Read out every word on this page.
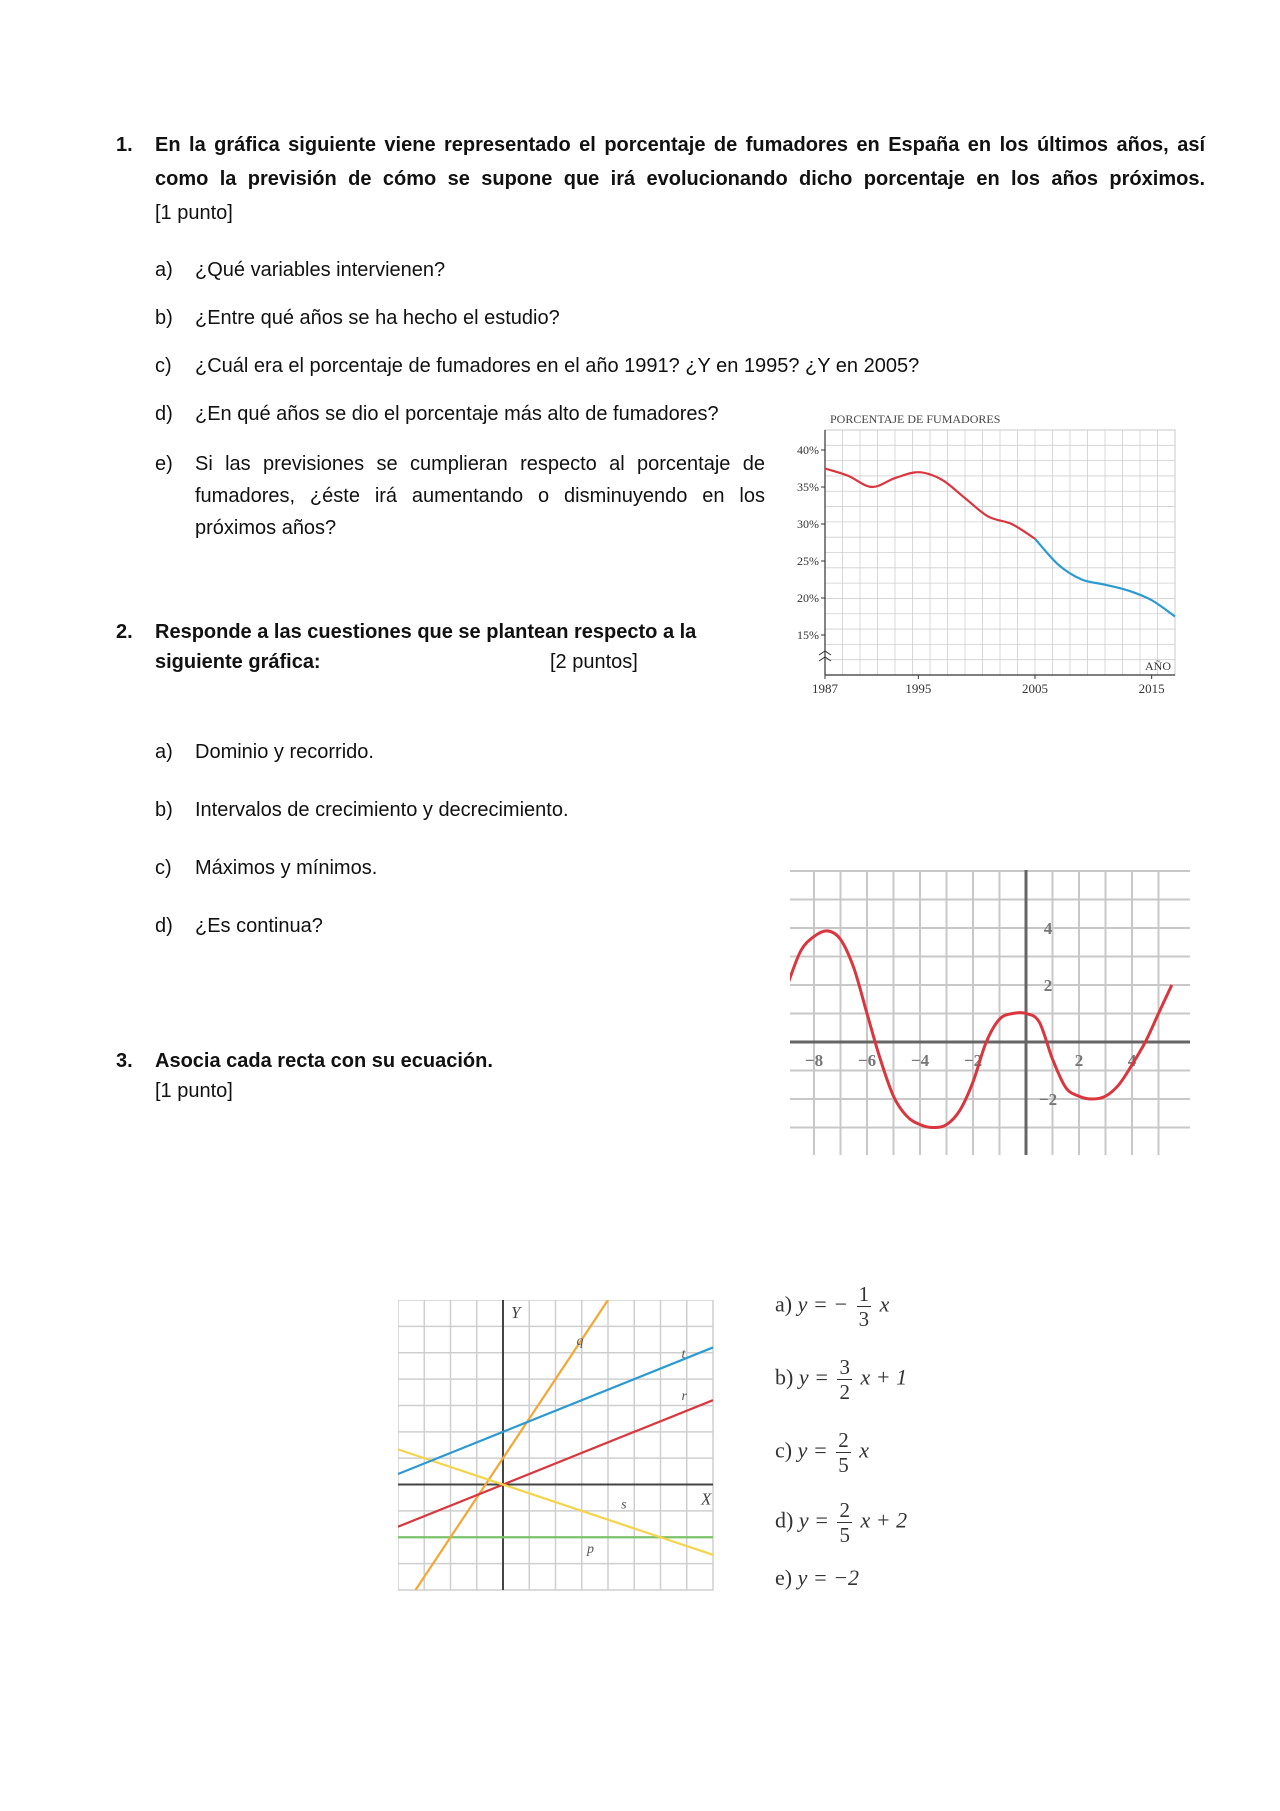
1. En la gráfica siguiente viene representado el porcentaje de fumadores en España en los últimos años, así
como la previsión de cómo se supone que irá evolucionando dicho porcentaje en los años próximos.
[1 punto]
a) ¿Qué variables intervienen?
b) ¿Entre qué años se ha hecho el estudio?
c) ¿Cuál era el porcentaje de fumadores en el año 1991? ¿Y en 1995? ¿Y en 2005?
d) ¿En qué años se dio el porcentaje más alto de fumadores?
e) Si las previsiones se cumplieran respecto al porcentaje de
fumadores, ¿éste irá aumentando o disminuyendo en los
próximos años?
PORCENTAJE DE FUMADORES
15%
20%
25%
30%
35%
40%
1987	1995	2005	2015
AÑO
2. Responde a las cuestiones que se plantean respecto a la
siguiente gráfica:	[2 puntos]
a) Dominio y recorrido.
b) Intervalos de crecimiento y decrecimiento.
c) Máximos y mínimos.
d) ¿Es continua?
−8 −6 −4 −2	2	4
4
2
−2
3. Asocia cada recta con su ecuación.
[1 punto]
X
Y
p
q
r
s
t
a) y = − $\frac{1}{3}$ x
b) $y = \frac{3}{2}$ x + 1
c) $y = \frac{2}{5}$ x
d) $y = \frac{2}{5}$ x + 2
e) y = −2
